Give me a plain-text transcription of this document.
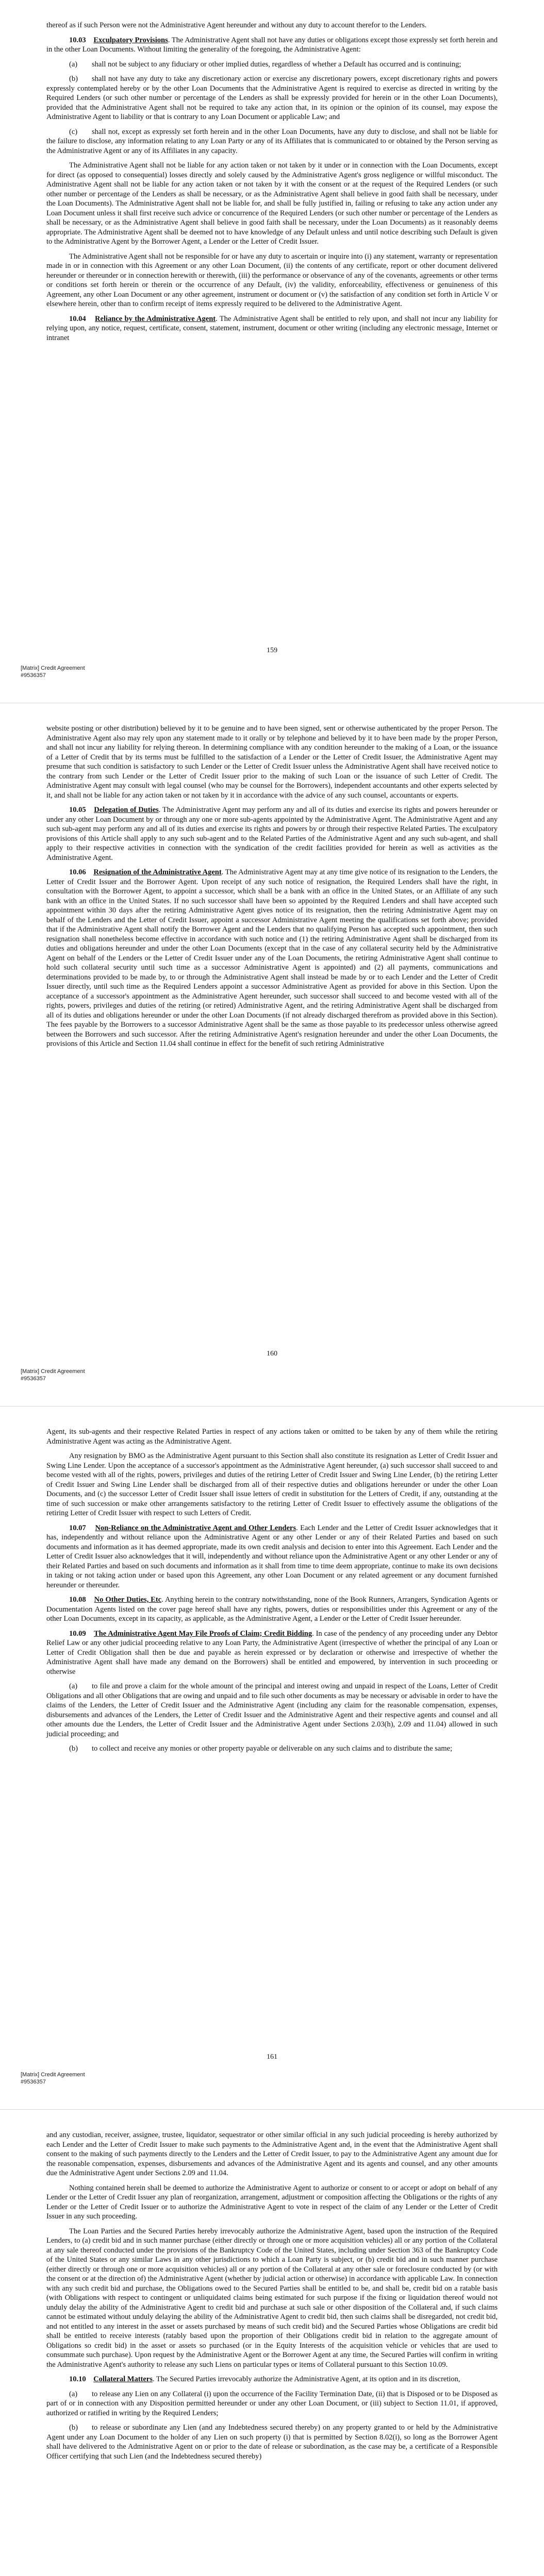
thereof as if such Person were not the Administrative Agent hereunder and without any duty to account therefor to the Lenders.

10.03 Exculpatory Provisions. The Administrative Agent shall not have any duties or obligations except those expressly set forth herein and in the other Loan Documents. Without limiting the generality of the foregoing, the Administrative Agent:

(a) shall not be subject to any fiduciary or other implied duties, regardless of whether a Default has occurred and is continuing;

(b) shall not have any duty to take any discretionary action or exercise any discretionary powers, except discretionary rights and powers expressly contemplated hereby or by the other Loan Documents that the Administrative Agent is required to exercise as directed in writing by the Required Lenders (or such other number or percentage of the Lenders as shall be expressly provided for herein or in the other Loan Documents), provided that the Administrative Agent shall not be required to take any action that, in its opinion or the opinion of its counsel, may expose the Administrative Agent to liability or that is contrary to any Loan Document or applicable Law; and

(c) shall not, except as expressly set forth herein and in the other Loan Documents, have any duty to disclose, and shall not be liable for the failure to disclose, any information relating to any Loan Party or any of its Affiliates that is communicated to or obtained by the Person serving as the Administrative Agent or any of its Affiliates in any capacity.

The Administrative Agent shall not be liable for any action taken or not taken by it under or in connection with the Loan Documents, except for direct (as opposed to consequential) losses directly and solely caused by the Administrative Agent's gross negligence or willful misconduct. The Administrative Agent shall not be liable for any action taken or not taken by it with the consent or at the request of the Required Lenders (or such other number or percentage of the Lenders as shall be necessary, or as the Administrative Agent shall believe in good faith shall be necessary, under the Loan Documents). The Administrative Agent shall not be liable for, and shall be fully justified in, failing or refusing to take any action under any Loan Document unless it shall first receive such advice or concurrence of the Required Lenders (or such other number or percentage of the Lenders as shall be necessary, or as the Administrative Agent shall believe in good faith shall be necessary, under the Loan Documents) as it reasonably deems appropriate. The Administrative Agent shall be deemed not to have knowledge of any Default unless and until notice describing such Default is given to the Administrative Agent by the Borrower Agent, a Lender or the Letter of Credit Issuer.

The Administrative Agent shall not be responsible for or have any duty to ascertain or inquire into (i) any statement, warranty or representation made in or in connection with this Agreement or any other Loan Document, (ii) the contents of any certificate, report or other document delivered hereunder or thereunder or in connection herewith or therewith, (iii) the performance or observance of any of the covenants, agreements or other terms or conditions set forth herein or therein or the occurrence of any Default, (iv) the validity, enforceability, effectiveness or genuineness of this Agreement, any other Loan Document or any other agreement, instrument or document or (v) the satisfaction of any condition set forth in Article V or elsewhere herein, other than to confirm receipt of items expressly required to be delivered to the Administrative Agent.

10.04 Reliance by the Administrative Agent. The Administrative Agent shall be entitled to rely upon, and shall not incur any liability for relying upon, any notice, request, certificate, consent, statement, instrument, document or other writing (including any electronic message, Internet or intranet

159
[Matrix] Credit Agreement
#9536357

website posting or other distribution) believed by it to be genuine and to have been signed, sent or otherwise authenticated by the proper Person. The Administrative Agent also may rely upon any statement made to it orally or by telephone and believed by it to have been made by the proper Person, and shall not incur any liability for relying thereon. In determining compliance with any condition hereunder to the making of a Loan, or the issuance of a Letter of Credit that by its terms must be fulfilled to the satisfaction of a Lender or the Letter of Credit Issuer, the Administrative Agent may presume that such condition is satisfactory to such Lender or the Letter of Credit Issuer unless the Administrative Agent shall have received notice to the contrary from such Lender or the Letter of Credit Issuer prior to the making of such Loan or the issuance of such Letter of Credit. The Administrative Agent may consult with legal counsel (who may be counsel for the Borrowers), independent accountants and other experts selected by it, and shall not be liable for any action taken or not taken by it in accordance with the advice of any such counsel, accountants or experts.

10.05 Delegation of Duties. The Administrative Agent may perform any and all of its duties and exercise its rights and powers hereunder or under any other Loan Document by or through any one or more sub-agents appointed by the Administrative Agent. The Administrative Agent and any such sub-agent may perform any and all of its duties and exercise its rights and powers by or through their respective Related Parties. The exculpatory provisions of this Article shall apply to any such sub-agent and to the Related Parties of the Administrative Agent and any such sub-agent, and shall apply to their respective activities in connection with the syndication of the credit facilities provided for herein as well as activities as the Administrative Agent.

10.06 Resignation of the Administrative Agent. The Administrative Agent may at any time give notice of its resignation to the Lenders, the Letter of Credit Issuer and the Borrower Agent. Upon receipt of any such notice of resignation, the Required Lenders shall have the right, in consultation with the Borrower Agent, to appoint a successor, which shall be a bank with an office in the United States, or an Affiliate of any such bank with an office in the United States. If no such successor shall have been so appointed by the Required Lenders and shall have accepted such appointment within 30 days after the retiring Administrative Agent gives notice of its resignation, then the retiring Administrative Agent may on behalf of the Lenders and the Letter of Credit Issuer, appoint a successor Administrative Agent meeting the qualifications set forth above; provided that if the Administrative Agent shall notify the Borrower Agent and the Lenders that no qualifying Person has accepted such appointment, then such resignation shall nonetheless become effective in accordance with such notice and (1) the retiring Administrative Agent shall be discharged from its duties and obligations hereunder and under the other Loan Documents (except that in the case of any collateral security held by the Administrative Agent on behalf of the Lenders or the Letter of Credit Issuer under any of the Loan Documents, the retiring Administrative Agent shall continue to hold such collateral security until such time as a successor Administrative Agent is appointed) and (2) all payments, communications and determinations provided to be made by, to or through the Administrative Agent shall instead be made by or to each Lender and the Letter of Credit Issuer directly, until such time as the Required Lenders appoint a successor Administrative Agent as provided for above in this Section. Upon the acceptance of a successor's appointment as the Administrative Agent hereunder, such successor shall succeed to and become vested with all of the rights, powers, privileges and duties of the retiring (or retired) Administrative Agent, and the retiring Administrative Agent shall be discharged from all of its duties and obligations hereunder or under the other Loan Documents (if not already discharged therefrom as provided above in this Section). The fees payable by the Borrowers to a successor Administrative Agent shall be the same as those payable to its predecessor unless otherwise agreed between the Borrowers and such successor. After the retiring Administrative Agent's resignation hereunder and under the other Loan Documents, the provisions of this Article and Section 11.04 shall continue in effect for the benefit of such retiring Administrative

160
[Matrix] Credit Agreement
#9536357

Agent, its sub-agents and their respective Related Parties in respect of any actions taken or omitted to be taken by any of them while the retiring Administrative Agent was acting as the Administrative Agent.

Any resignation by BMO as the Administrative Agent pursuant to this Section shall also constitute its resignation as Letter of Credit Issuer and Swing Line Lender. Upon the acceptance of a successor's appointment as the Administrative Agent hereunder, (a) such successor shall succeed to and become vested with all of the rights, powers, privileges and duties of the retiring Letter of Credit Issuer and Swing Line Lender, (b) the retiring Letter of Credit Issuer and Swing Line Lender shall be discharged from all of their respective duties and obligations hereunder or under the other Loan Documents, and (c) the successor Letter of Credit Issuer shall issue letters of credit in substitution for the Letters of Credit, if any, outstanding at the time of such succession or make other arrangements satisfactory to the retiring Letter of Credit Issuer to effectively assume the obligations of the retiring Letter of Credit Issuer with respect to such Letters of Credit.

10.07 Non-Reliance on the Administrative Agent and Other Lenders. Each Lender and the Letter of Credit Issuer acknowledges that it has, independently and without reliance upon the Administrative Agent or any other Lender or any of their Related Parties and based on such documents and information as it has deemed appropriate, made its own credit analysis and decision to enter into this Agreement. Each Lender and the Letter of Credit Issuer also acknowledges that it will, independently and without reliance upon the Administrative Agent or any other Lender or any of their Related Parties and based on such documents and information as it shall from time to time deem appropriate, continue to make its own decisions in taking or not taking action under or based upon this Agreement, any other Loan Document or any related agreement or any document furnished hereunder or thereunder.

10.08 No Other Duties, Etc. Anything herein to the contrary notwithstanding, none of the Book Runners, Arrangers, Syndication Agents or Documentation Agents listed on the cover page hereof shall have any rights, powers, duties or responsibilities under this Agreement or any of the other Loan Documents, except in its capacity, as applicable, as the Administrative Agent, a Lender or the Letter of Credit Issuer hereunder.

10.09 The Administrative Agent May File Proofs of Claim; Credit Bidding. In case of the pendency of any proceeding under any Debtor Relief Law or any other judicial proceeding relative to any Loan Party, the Administrative Agent (irrespective of whether the principal of any Loan or Letter of Credit Obligation shall then be due and payable as herein expressed or by declaration or otherwise and irrespective of whether the Administrative Agent shall have made any demand on the Borrowers) shall be entitled and empowered, by intervention in such proceeding or otherwise

(a) to file and prove a claim for the whole amount of the principal and interest owing and unpaid in respect of the Loans, Letter of Credit Obligations and all other Obligations that are owing and unpaid and to file such other documents as may be necessary or advisable in order to have the claims of the Lenders, the Letter of Credit Issuer and the Administrative Agent (including any claim for the reasonable compensation, expenses, disbursements and advances of the Lenders, the Letter of Credit Issuer and the Administrative Agent and their respective agents and counsel and all other amounts due the Lenders, the Letter of Credit Issuer and the Administrative Agent under Sections 2.03(h), 2.09 and 11.04) allowed in such judicial proceeding; and

(b) to collect and receive any monies or other property payable or deliverable on any such claims and to distribute the same;

161
[Matrix] Credit Agreement
#9536357

and any custodian, receiver, assignee, trustee, liquidator, sequestrator or other similar official in any such judicial proceeding is hereby authorized by each Lender and the Letter of Credit Issuer to make such payments to the Administrative Agent and, in the event that the Administrative Agent shall consent to the making of such payments directly to the Lenders and the Letter of Credit Issuer, to pay to the Administrative Agent any amount due for the reasonable compensation, expenses, disbursements and advances of the Administrative Agent and its agents and counsel, and any other amounts due the Administrative Agent under Sections 2.09 and 11.04.

Nothing contained herein shall be deemed to authorize the Administrative Agent to authorize or consent to or accept or adopt on behalf of any Lender or the Letter of Credit Issuer any plan of reorganization, arrangement, adjustment or composition affecting the Obligations or the rights of any Lender or the Letter of Credit Issuer or to authorize the Administrative Agent to vote in respect of the claim of any Lender or the Letter of Credit Issuer in any such proceeding.

The Loan Parties and the Secured Parties hereby irrevocably authorize the Administrative Agent, based upon the instruction of the Required Lenders, to (a) credit bid and in such manner purchase (either directly or through one or more acquisition vehicles) all or any portion of the Collateral at any sale thereof conducted under the provisions of the Bankruptcy Code of the United States, including under Section 363 of the Bankruptcy Code of the United States or any similar Laws in any other jurisdictions to which a Loan Party is subject, or (b) credit bid and in such manner purchase (either directly or through one or more acquisition vehicles) all or any portion of the Collateral at any other sale or foreclosure conducted by (or with the consent or at the direction of) the Administrative Agent (whether by judicial action or otherwise) in accordance with applicable Law. In connection with any such credit bid and purchase, the Obligations owed to the Secured Parties shall be entitled to be, and shall be, credit bid on a ratable basis (with Obligations with respect to contingent or unliquidated claims being estimated for such purpose if the fixing or liquidation thereof would not unduly delay the ability of the Administrative Agent to credit bid and purchase at such sale or other disposition of the Collateral and, if such claims cannot be estimated without unduly delaying the ability of the Administrative Agent to credit bid, then such claims shall be disregarded, not credit bid, and not entitled to any interest in the asset or assets purchased by means of such credit bid) and the Secured Parties whose Obligations are credit bid shall be entitled to receive interests (ratably based upon the proportion of their Obligations credit bid in relation to the aggregate amount of Obligations so credit bid) in the asset or assets so purchased (or in the Equity Interests of the acquisition vehicle or vehicles that are used to consummate such purchase). Upon request by the Administrative Agent or the Borrower Agent at any time, the Secured Parties will confirm in writing the Administrative Agent's authority to release any such Liens on particular types or items of Collateral pursuant to this Section 10.09.

10.10 Collateral Matters. The Secured Parties irrevocably authorize the Administrative Agent, at its option and in its discretion,

(a) to release any Lien on any Collateral (i) upon the occurrence of the Facility Termination Date, (ii) that is Disposed or to be Disposed as part of or in connection with any Disposition permitted hereunder or under any other Loan Document, or (iii) subject to Section 11.01, if approved, authorized or ratified in writing by the Required Lenders;

(b) to release or subordinate any Lien (and any Indebtedness secured thereby) on any property granted to or held by the Administrative Agent under any Loan Document to the holder of any Lien on such property (i) that is permitted by Section 8.02(i), so long as the Borrower Agent shall have delivered to the Administrative Agent on or prior to the date of release or subordination, as the case may be, a certificate of a Responsible Officer certifying that such Lien (and the Indebtedness secured thereby)
